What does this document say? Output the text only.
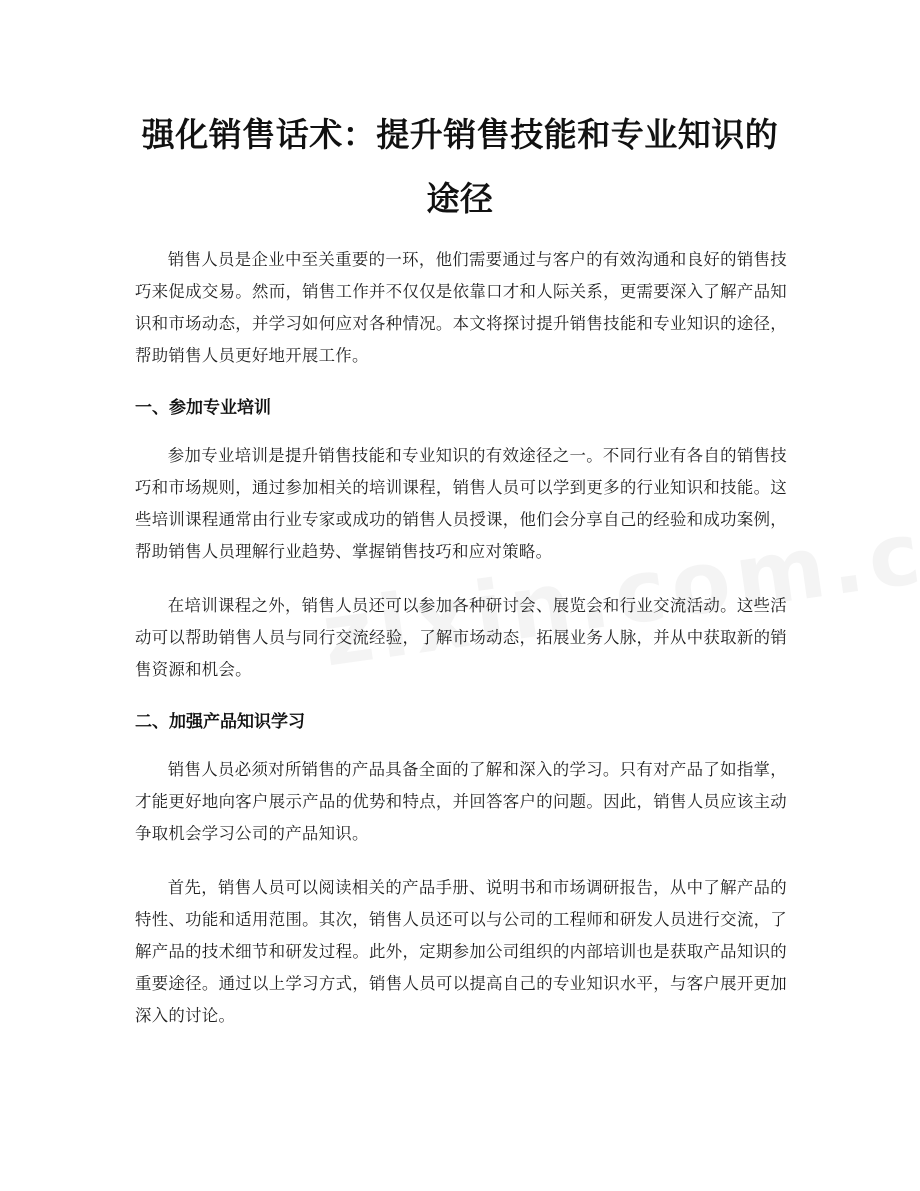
强化销售话术：提升销售技能和专业知识的
途径

销售人员是企业中至关重要的一环，他们需要通过与客户的有效沟通和良好的销售技巧来促成交易。然而，销售工作并不仅仅是依靠口才和人际关系，更需要深入了解产品知识和市场动态，并学习如何应对各种情况。本文将探讨提升销售技能和专业知识的途径，帮助销售人员更好地开展工作。

一、参加专业培训

参加专业培训是提升销售技能和专业知识的有效途径之一。不同行业有各自的销售技巧和市场规则，通过参加相关的培训课程，销售人员可以学到更多的行业知识和技能。这些培训课程通常由行业专家或成功的销售人员授课，他们会分享自己的经验和成功案例，帮助销售人员理解行业趋势、掌握销售技巧和应对策略。

在培训课程之外，销售人员还可以参加各种研讨会、展览会和行业交流活动。这些活动可以帮助销售人员与同行交流经验，了解市场动态，拓展业务人脉，并从中获取新的销售资源和机会。

二、加强产品知识学习

销售人员必须对所销售的产品具备全面的了解和深入的学习。只有对产品了如指掌，才能更好地向客户展示产品的优势和特点，并回答客户的问题。因此，销售人员应该主动争取机会学习公司的产品知识。

首先，销售人员可以阅读相关的产品手册、说明书和市场调研报告，从中了解产品的特性、功能和适用范围。其次，销售人员还可以与公司的工程师和研发人员进行交流，了解产品的技术细节和研发过程。此外，定期参加公司组织的内部培训也是获取产品知识的重要途径。通过以上学习方式，销售人员可以提高自己的专业知识水平，与客户展开更加深入的讨论。
